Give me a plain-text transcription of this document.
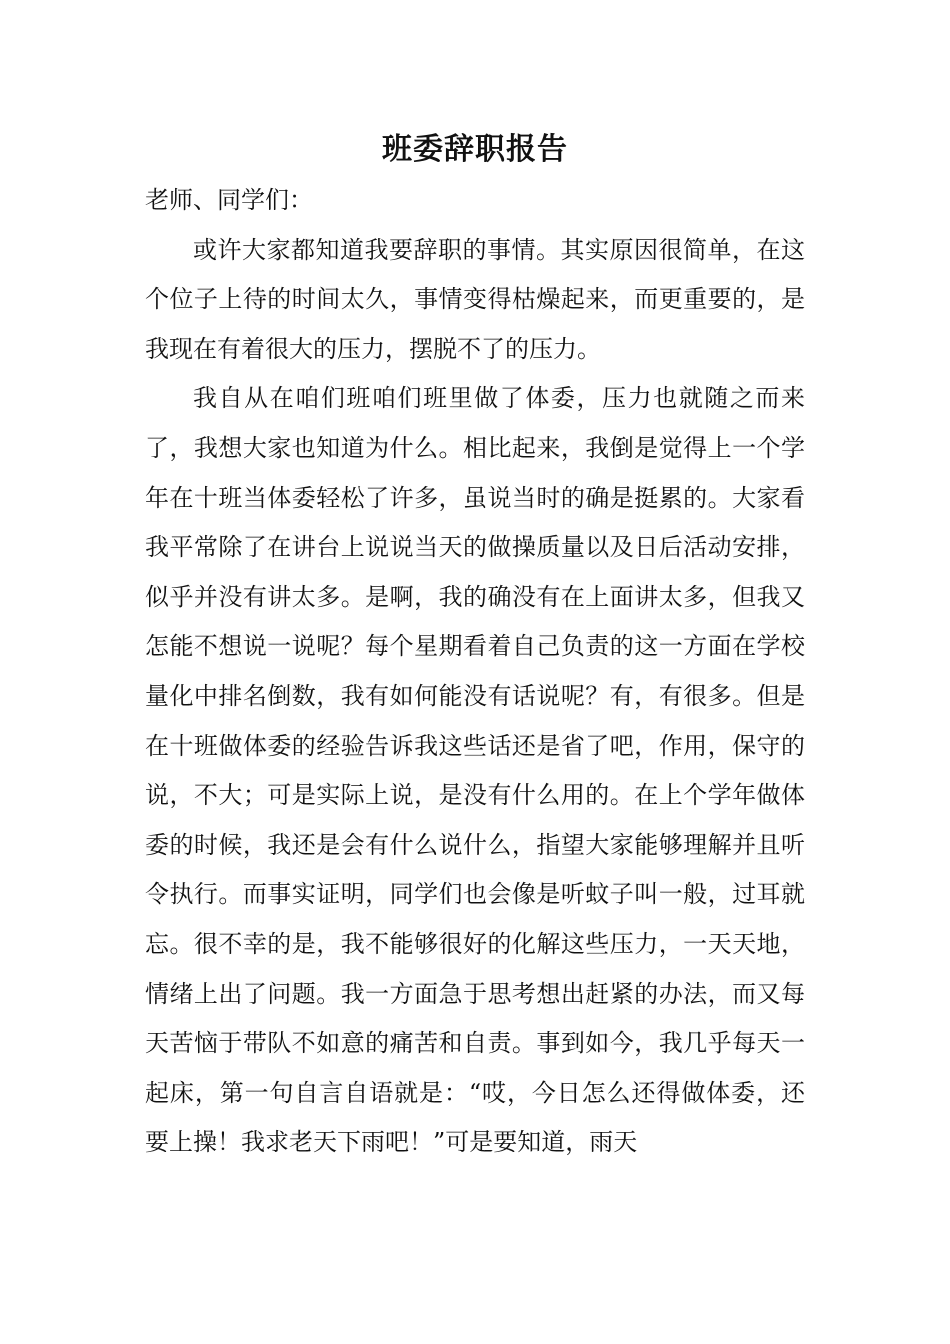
班委辞职报告

老师、同学们：

或许大家都知道我要辞职的事情。其实原因很简单，在这个位子上待的时间太久，事情变得枯燥起来，而更重要的，是我现在有着很大的压力，摆脱不了的压力。

我自从在咱们班咱们班里做了体委，压力也就随之而来了，我想大家也知道为什么。相比起来，我倒是觉得上一个学年在十班当体委轻松了许多，虽说当时的确是挺累的。大家看我平常除了在讲台上说说当天的做操质量以及日后活动安排，似乎并没有讲太多。是啊，我的确没有在上面讲太多，但我又怎能不想说一说呢？每个星期看着自己负责的这一方面在学校量化中排名倒数，我有如何能没有话说呢？有，有很多。但是在十班做体委的经验告诉我这些话还是省了吧，作用，保守的说，不大；可是实际上说，是没有什么用的。在上个学年做体委的时候，我还是会有什么说什么，指望大家能够理解并且听令执行。而事实证明，同学们也会像是听蚊子叫一般，过耳就忘。很不幸的是，我不能够很好的化解这些压力，一天天地，情绪上出了问题。我一方面急于思考想出赶紧的办法，而又每天苦恼于带队不如意的痛苦和自责。事到如今，我几乎每天一起床，第一句自言自语就是：“哎，今日怎么还得做体委，还要上操！我求老天下雨吧！”可是要知道，雨天
